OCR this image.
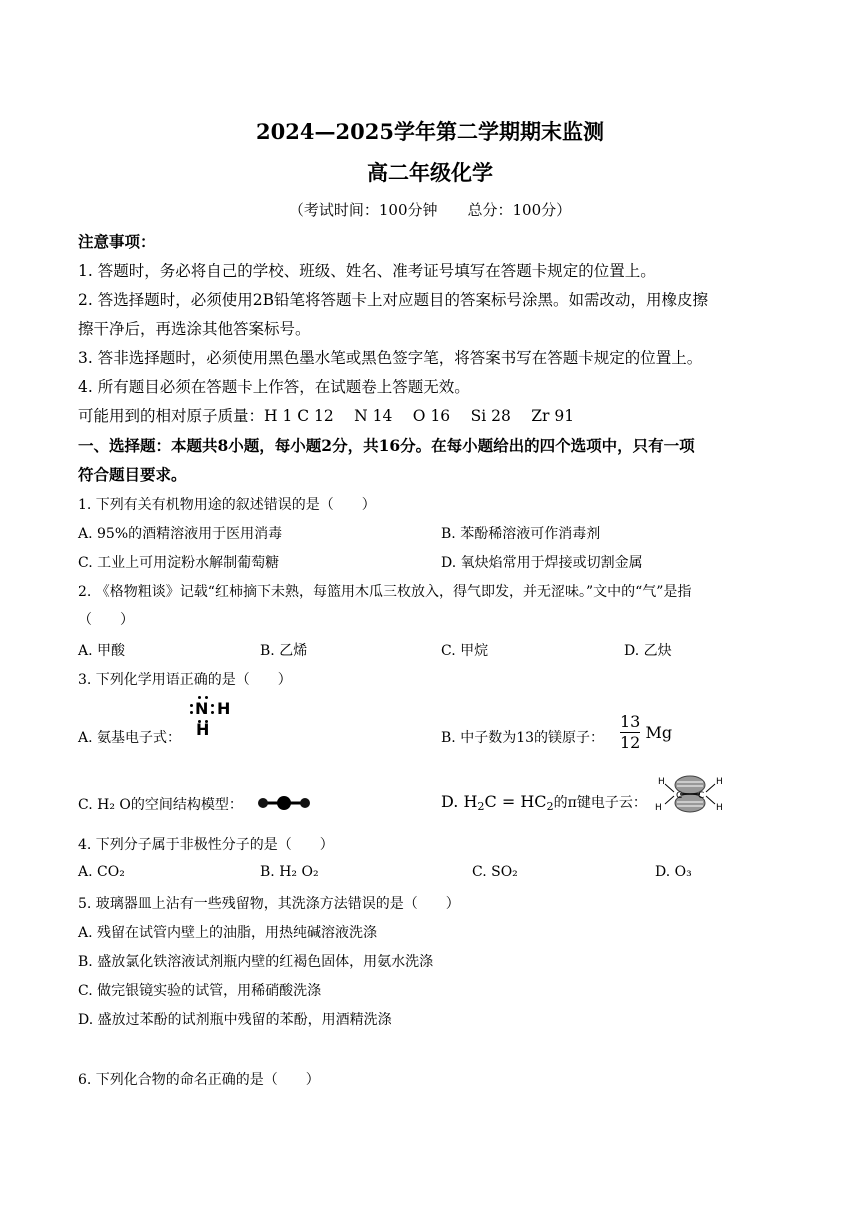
2024—2025学年第二学期期末监测
高二年级化学
（考试时间：100分钟　　总分：100分）
注意事项：
1. 答题时，务必将自己的学校、班级、姓名、准考证号填写在答题卡规定的位置上。
2. 答选择题时，必须使用2B铅笔将答题卡上对应题目的答案标号涂黑。如需改动，用橡皮擦
擦干净后，再选涂其他答案标号。
3. 答非选择题时，必须使用黑色墨水笔或黑色签字笔，将答案书写在答题卡规定的位置上。
4. 所有题目必须在答题卡上作答，在试题卷上答题无效。
可能用到的相对原子质量：H 1 C 12　 N 14　 O 16　 Si 28　 Zr 91
一、选择题：本题共8小题，每小题2分，共16分。在每小题给出的四个选项中，只有一项
符合题目要求。
1. 下列有关有机物用途的叙述错误的是（　　）
A. 95%的酒精溶液用于医用消毒	B. 苯酚稀溶液可作消毒剂
C. 工业上可用淀粉水解制葡萄糖	D. 氧炔焰常用于焊接或切割金属
2. 《格物粗谈》记载“红柿摘下未熟，每篮用木瓜三枚放入，得气即发，并无涩味。”文中的“气”是指
（　　）
A. 甲酸	B. 乙烯	C. 甲烷	D. 乙炔
3. 下列化学用语正确的是（　　）
A. 氨基电子式：
N H
H	B. 中子数为13的镁原子： $\frac{13}{12}$ Mg
C. H₂ O的空间结构模型：	D. $H_2C = HC_2$的π键电子云：	C C
H
H
H
H
4. 下列分子属于非极性分子的是（　　）
A. CO₂	B. H₂ O₂	C. SO₂	D. O₃
5. 玻璃器皿上沾有一些残留物，其洗涤方法错误的是（　　）
A. 残留在试管内壁上的油脂，用热纯碱溶液洗涤
B. 盛放氯化铁溶液试剂瓶内壁的红褐色固体，用氨水洗涤
C. 做完银镜实验的试管，用稀硝酸洗涤
D. 盛放过苯酚的试剂瓶中残留的苯酚，用酒精洗涤
6. 下列化合物的命名正确的是（　　）
